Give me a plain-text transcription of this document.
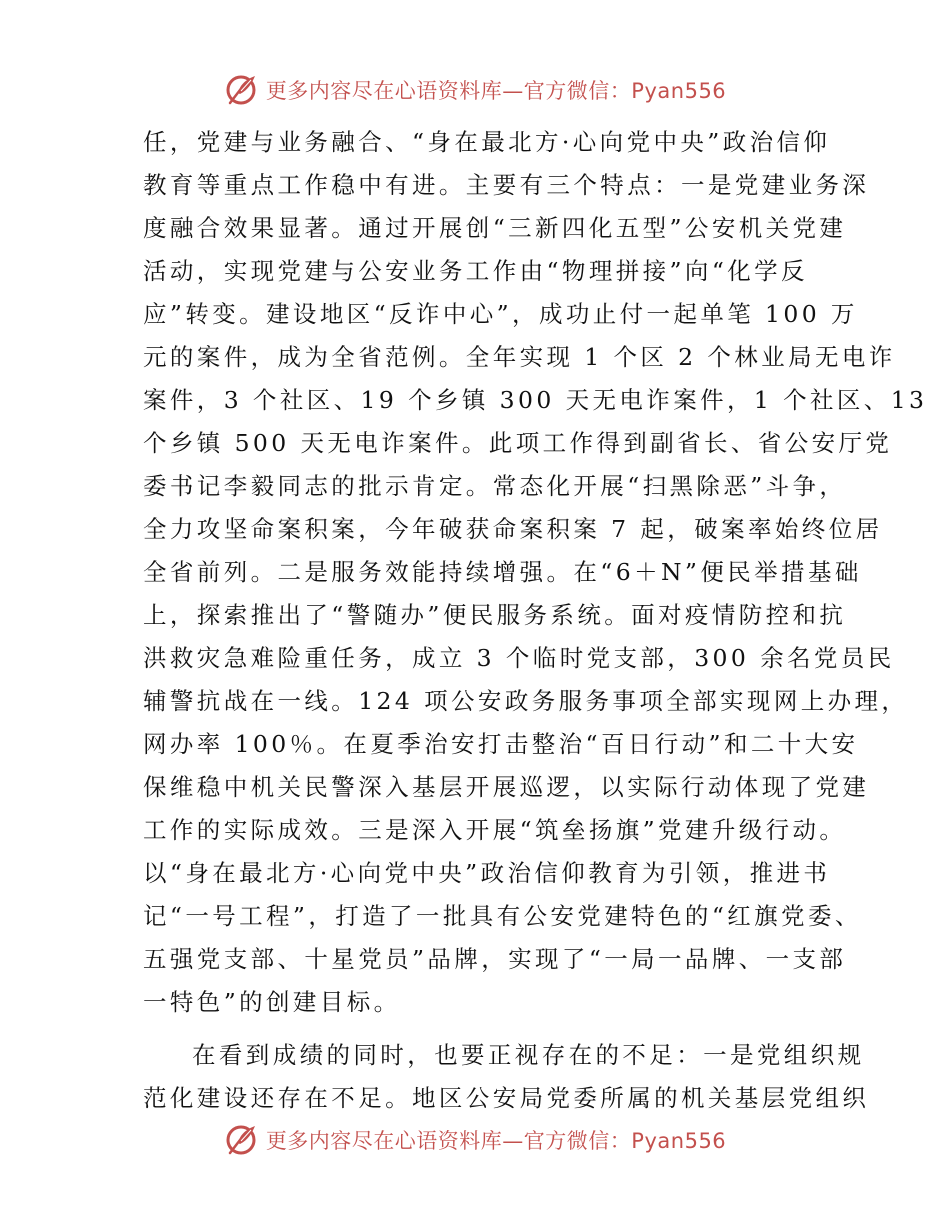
更多内容尽在心语资料库—官方微信：Pyan556
任，党建与业务融合、“身在最北方·心向党中央”政治信仰
教育等重点工作稳中有进。主要有三个特点：一是党建业务深
度融合效果显著。通过开展创“三新四化五型”公安机关党建
活动，实现党建与公安业务工作由“物理拼接”向“化学反
应”转变。建设地区“反诈中心”，成功止付一起单笔 100 万
元的案件，成为全省范例。全年实现 1 个区 2 个林业局无电诈
案件，3 个社区、19 个乡镇 300 天无电诈案件，1 个社区、13
个乡镇 500 天无电诈案件。此项工作得到副省长、省公安厅党
委书记李毅同志的批示肯定。常态化开展“扫黑除恶”斗争，
全力攻坚命案积案，今年破获命案积案 7 起，破案率始终位居
全省前列。二是服务效能持续增强。在“6＋N”便民举措基础
上，探索推出了“警随办”便民服务系统。面对疫情防控和抗
洪救灾急难险重任务，成立 3 个临时党支部，300 余名党员民
辅警抗战在一线。124 项公安政务服务事项全部实现网上办理，
网办率 100％。在夏季治安打击整治“百日行动”和二十大安
保维稳中机关民警深入基层开展巡逻，以实际行动体现了党建
工作的实际成效。三是深入开展“筑垒扬旗”党建升级行动。
以“身在最北方·心向党中央”政治信仰教育为引领，推进书
记“一号工程”，打造了一批具有公安党建特色的“红旗党委、
五强党支部、十星党员”品牌，实现了“一局一品牌、一支部
一特色”的创建目标。
在看到成绩的同时，也要正视存在的不足：一是党组织规
范化建设还存在不足。地区公安局党委所属的机关基层党组织
更多内容尽在心语资料库—官方微信：Pyan556
